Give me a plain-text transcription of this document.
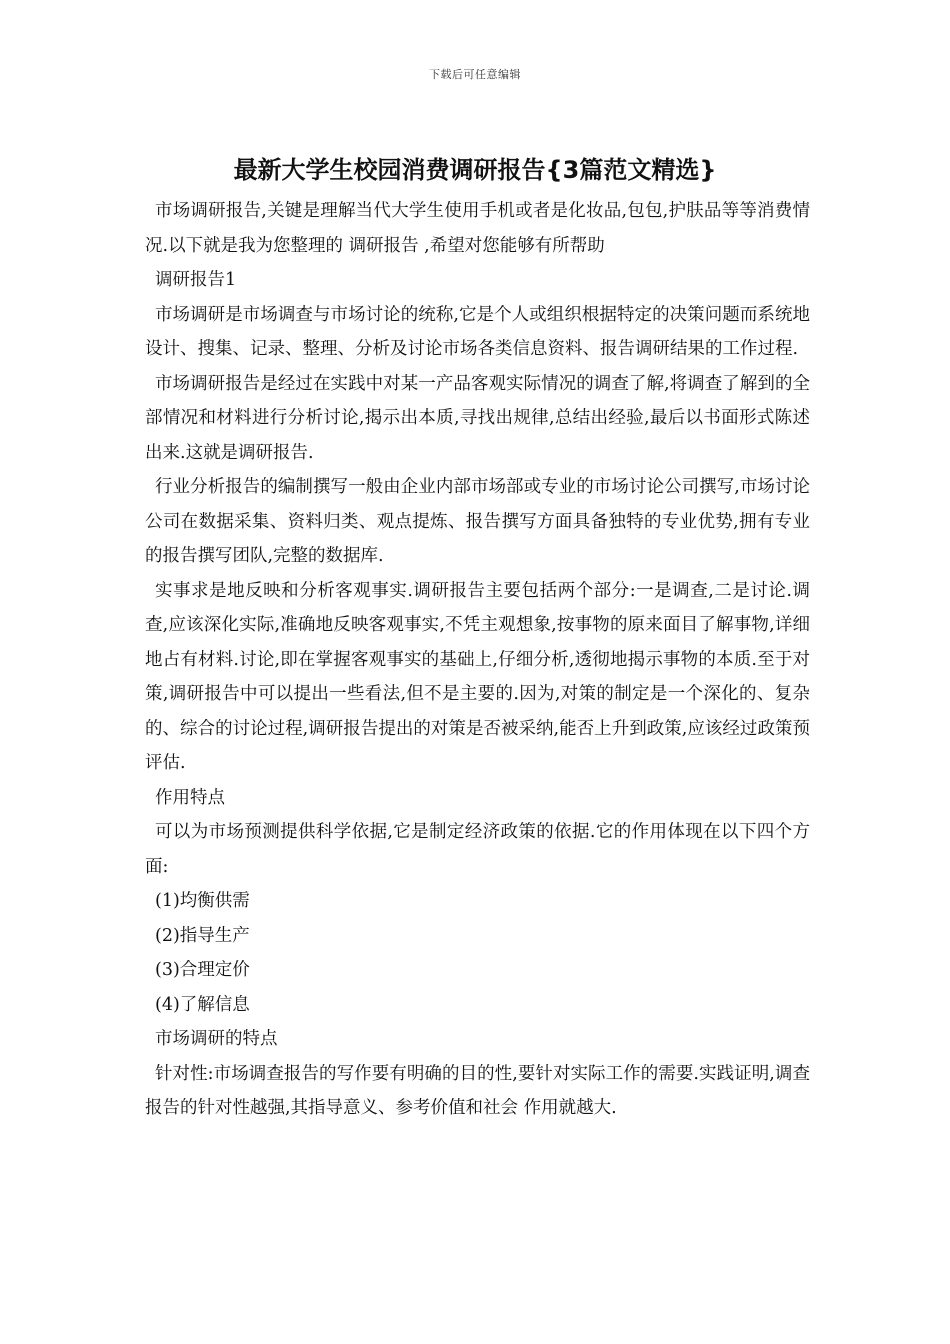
下载后可任意编辑
最新大学生校园消费调研报告{3篇范文精选}

市场调研报告,关键是理解当代大学生使用手机或者是化妆品,包包,护肤品等等消费情况.以下就是我为您整理的 调研报告 ,希望对您能够有所帮助

调研报告1

市场调研是市场调查与市场讨论的统称,它是个人或组织根据特定的决策问题而系统地设计、搜集、记录、整理、分析及讨论市场各类信息资料、报告调研结果的工作过程.

市场调研报告是经过在实践中对某一产品客观实际情况的调查了解,将调查了解到的全部情况和材料进行分析讨论,揭示出本质,寻找出规律,总结出经验,最后以书面形式陈述出来.这就是调研报告.

行业分析报告的编制撰写一般由企业内部市场部或专业的市场讨论公司撰写,市场讨论公司在数据采集、资料归类、观点提炼、报告撰写方面具备独特的专业优势,拥有专业的报告撰写团队,完整的数据库.

实事求是地反映和分析客观事实.调研报告主要包括两个部分:一是调查,二是讨论.调查,应该深化实际,准确地反映客观事实,不凭主观想象,按事物的原来面目了解事物,详细地占有材料.讨论,即在掌握客观事实的基础上,仔细分析,透彻地揭示事物的本质.至于对策,调研报告中可以提出一些看法,但不是主要的.因为,对策的制定是一个深化的、复杂的、综合的讨论过程,调研报告提出的对策是否被采纳,能否上升到政策,应该经过政策预评估.

作用特点

可以为市场预测提供科学依据,它是制定经济政策的依据.它的作用体现在以下四个方面:

(1)均衡供需

(2)指导生产

(3)合理定价

(4)了解信息

市场调研的特点

针对性:市场调查报告的写作要有明确的目的性,要针对实际工作的需要.实践证明,调查报告的针对性越强,其指导意义、参考价值和社会 作用就越大.
